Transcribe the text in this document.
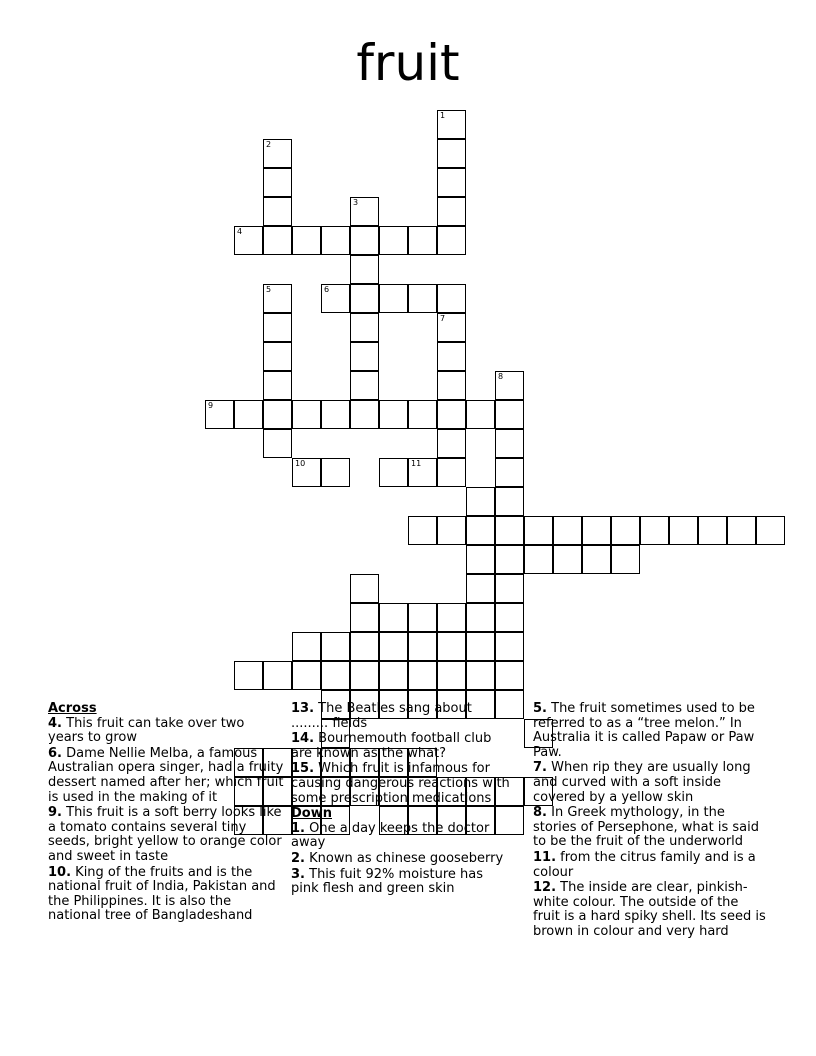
fruit
1
2
3
4
5	6
7
8
9
10	11
Across

4. This fruit can take over two years to grow

6. Dame Nellie Melba, a famous Australian opera singer, had a fruity dessert named after her; which fruit is used in the making of it

9. This fruit is a soft berry looks like a tomato contains several tiny seeds, bright yellow to orange color and sweet in taste

10. King of the fruits and is the national fruit of India, Pakistan and the Philippines. It is also the national tree of Bangladeshand

13. The Beatles sang about ......... fields

14. Bournemouth football club are known as the what?

15. Which fruit is infamous for causing dangerous reactions with some prescription medications

Down

1. One a day keeps the doctor away

2. Known as chinese gooseberry

3. This fuit 92% moisture has pink flesh and green skin

5. The fruit sometimes used to be referred to as a “tree melon.” In Australia it is called Papaw or Paw Paw.

7. When rip they are usually long and curved with a soft inside covered by a yellow skin

8. In Greek mythology, in the stories of Persephone, what is said to be the fruit of the underworld

11. from the citrus family and is a colour

12. The inside are clear, pinkish-white colour. The outside of the fruit is a hard spiky shell. Its seed is brown in colour and very hard
